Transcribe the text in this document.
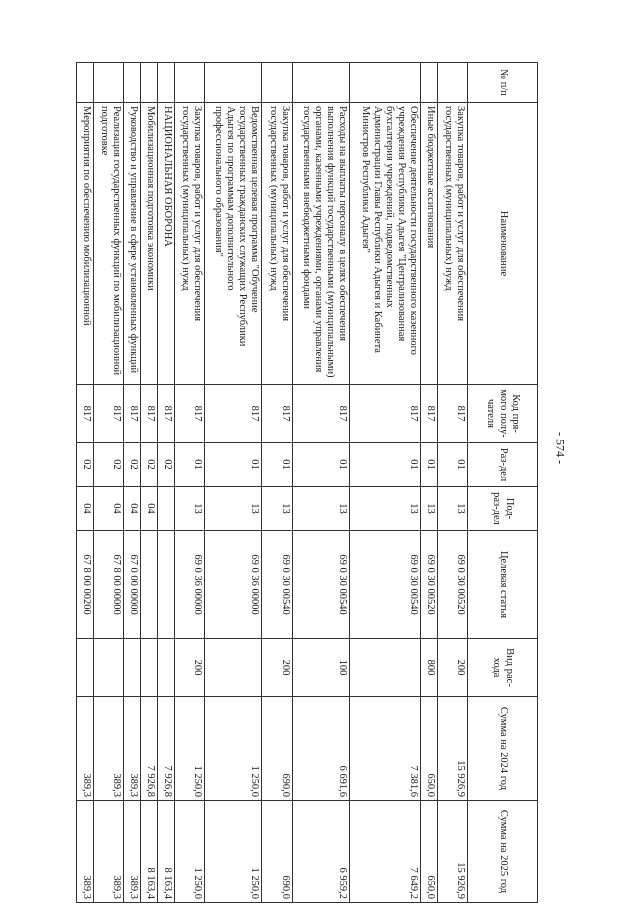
- 574 -
№ п/п	Наименование	Код пря-мого полу-чателя	Раз-дел	Под-раз-дел	Целевая статья	Вид рас-хода	Сумма на 2024 год	Сумма на 2025 год
	Закупка товаров, работ и услуг для обеспечения государственных (муниципальных) нужд	817	01	13	69 0 30 00520	200	15 926,9	15 926,9
	Иные бюджетные ассигнования	817	01	13	69 0 30 00520	800	650,0	650,0
	Обеспечение деятельности государственного казенного учреждения Республики Адыгея "Централизованная бухгалтерия учреждений, подведомственных Администрации Главы Республики Адыгея и Кабинета Министров Республики Адыгея"	817	01	13	69 0 30 00540		7 381,6	7 649,2
	Расходы на выплаты персоналу в целях обеспечения выполнения функций государственными (муниципальными) органами, казенными учреждениями, органами управления государственными внебюджетными фондами	817	01	13	69 0 30 00540	100	6 691,6	6 959,2
	Закупка товаров, работ и услуг для обеспечения государственных (муниципальных) нужд	817	01	13	69 0 30 00540	200	690,0	690,0
	Ведомственная целевая программа "Обучение государственных гражданских служащих Республики Адыгея по программам дополнительного профессионального образования"	817	01	13	69 0 36 00000		1 250,0	1 250,0
	Закупка товаров, работ и услуг для обеспечения государственных (муниципальных) нужд	817	01	13	69 0 36 00000	200	1 250,0	1 250,0
	НАЦИОНАЛЬНАЯ ОБОРОНА	817	02				7 926,8	8 163,4
	Мобилизационная подготовка экономики	817	02	04			7 926,8	8 163,4
	Руководство и управление в сфере установленных функций	817	02	04	67 0 00 00000		389,3	389,3
	Реализация государственных функций по мобилизационной подготовке	817	02	04	67 8 00 00000		389,3	389,3
	Мероприятия по обеспечению мобилизационной	817	02	04	67 8 00 00200		389,3	389,3
